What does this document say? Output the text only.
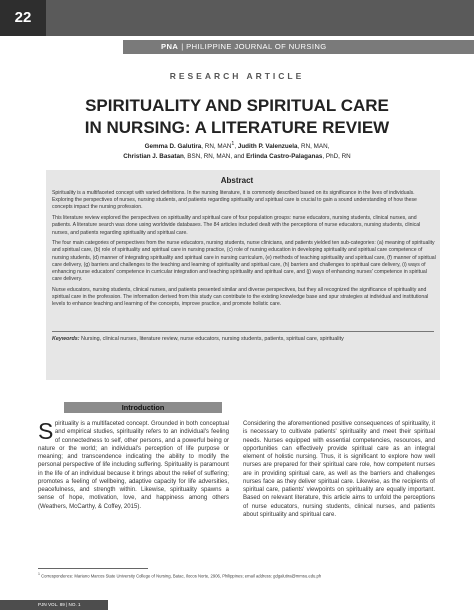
22
PNA | PHILIPPINE JOURNAL OF NURSING
RESEARCH ARTICLE
SPIRITUALITY AND SPIRITUAL CARE
IN NURSING: A LITERATURE REVIEW
Gemma D. Galutira, RN, MAN$^1$, Judith P. Valenzuela, RN, MAN,
Christian J. Basatan, BSN, RN, MAN, and Erlinda Castro-Palaganas, PhD, RN
Abstract

Spirituality is a multifaceted concept with varied definitions. In the nursing literature, it is commonly described based on its significance in the lives of individuals. Exploring the perspectives of nurses, nursing students, and patients regarding spirituality and spiritual care is crucial to gain a sound understanding of how these concepts impact the nursing profession.

This literature review explored the perspectives on spirituality and spiritual care of four population groups: nurse educators, nursing students, clinical nurses, and patients. A literature search was done using worldwide databases. The 84 articles included dealt with the perceptions of nurse educators, nursing students, clinical nurses, and patients regarding spirituality and spiritual care.

The four main categories of perspectives from the nurse educators, nursing students, nurse clinicians, and patients yielded ten sub-categories: (a) meaning of spirituality and spiritual care, (b) role of spirituality and spiritual care in nursing practice, (c) role of nursing education in developing spirituality and spiritual care competence of nursing students, (d) manner of integrating spirituality and spiritual care in nursing curriculum, (e) methods of teaching spirituality and spiritual care, (f) manner of spiritual care delivery, (g) barriers and challenges to the teaching and learning of spirituality and spiritual care, (h) barriers and challenges to spiritual care delivery, (i) ways of enhancing nurse educators' competence in curricular integration and teaching spirituality and spiritual care, and (j) ways of enhancing nurses' competence in spiritual care delivery.

Nurse educators, nursing students, clinical nurses, and patients presented similar and diverse perspectives, but they all recognized the significance of spirituality and spiritual care in the profession. The information derived from this study can contribute to the existing knowledge base and spur strategies at individual and institutional levels to enhance teaching and learning of the concepts, improve practice, and promote holistic care.

Keywords: Nursing, clinical nurses, literature review, nurse educators, nursing students, patients, spiritual care, spirituality
Introduction
Spirituality is a multifaceted concept. Grounded in both conceptual and empirical studies, spirituality refers to an individual's feeling of connectedness to self, other persons, and a powerful being or nature or the world; an individual's perception of life purpose or meaning; and transcendence indicating the ability to modify the personal perspective of life including suffering. Spirituality is paramount in the life of an individual because it brings about the relief of suffering; promotes a feeling of wellbeing, adaptive capacity for life adversities, peacefulness, and strength within. Likewise, spirituality spawns a sense of hope, motivation, love, and happiness among others (Weathers, McCarthy, & Coffey, 2015).
Considering the aforementioned positive consequences of spirituality, it is necessary to cultivate patients' spirituality and meet their spiritual needs. Nurses equipped with essential competencies, resources, and opportunities can effectively provide spiritual care as an integral element of holistic nursing. Thus, it is significant to explore how well nurses are prepared for their spiritual care role, how competent nurses are in providing spiritual care, as well as the barriers and challenges nurses face as they deliver spiritual care. Likewise, as the recipients of spiritual care, patients' viewpoints on spirituality are equally important. Based on relevant literature, this article aims to unfold the perceptions of nurse educators, nursing students, clinical nurses, and patients about spirituality and spiritual care.
$^1$ Correspondence: Mariano Marcos State University College of Nursing, Batac, Ilocos Norte, 2906, Philippines; email address: gdgalutira@mmsu.edu.ph
PJN VOL. 89 | NO. 1
